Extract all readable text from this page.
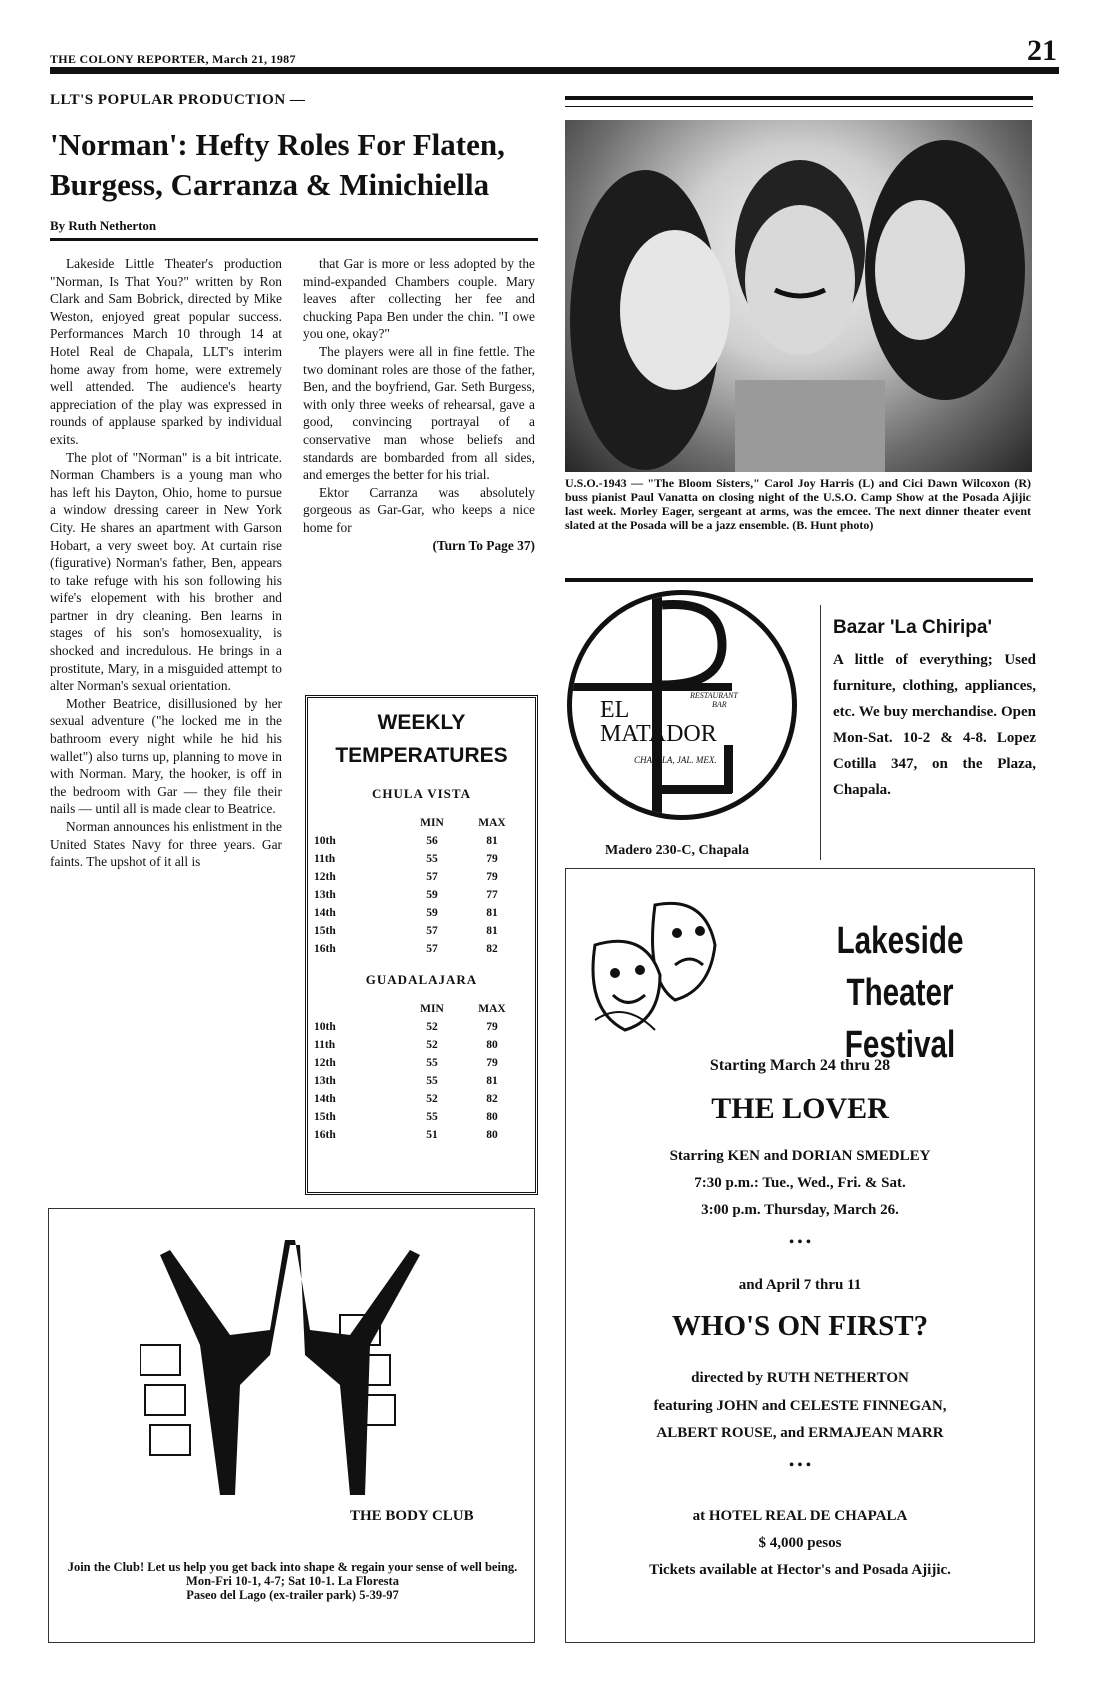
THE COLONY REPORTER, March 21, 1987	21
LLT'S POPULAR PRODUCTION —
'Norman': Hefty Roles For Flaten, Burgess, Carranza & Minichiella
By Ruth Netherton

Lakeside Little Theater's production "Norman, Is That You?" written by Ron Clark and Sam Bobrick, directed by Mike Weston, enjoyed great popular success. Performances March 10 through 14 at Hotel Real de Chapala, LLT's interim home away from home, were extremely well attended. The audience's hearty appreciation of the play was expressed in rounds of applause sparked by individual exits.

The plot of "Norman" is a bit intricate. Norman Chambers is a young man who has left his Dayton, Ohio, home to pursue a window dressing career in New York City. He shares an apartment with Garson Hobart, a very sweet boy. At curtain rise (figurative) Norman's father, Ben, appears to take refuge with his son following his wife's elopement with his brother and partner in dry cleaning. Ben learns in stages of his son's homosexuality, is shocked and incredulous. He brings in a prostitute, Mary, in a misguided attempt to alter Norman's sexual orientation.

Mother Beatrice, disillusioned by her sexual adventure ("he locked me in the bathroom every night while he hid his wallet") also turns up, planning to move in with Norman. Mary, the hooker, is off in the bedroom with Gar — they file their nails — until all is made clear to Beatrice.

Norman announces his enlistment in the United States Navy for three years. Gar faints. The upshot of it all is

that Gar is more or less adopted by the mind-expanded Chambers couple. Mary leaves after collecting her fee and chucking Papa Ben under the chin. "I owe you one, okay?"

The players were all in fine fettle. The two dominant roles are those of the father, Ben, and the boyfriend, Gar. Seth Burgess, with only three weeks of rehearsal, gave a good, convincing portrayal of a conservative man whose beliefs and standards are bombarded from all sides, and emerges the better for his trial.

Ektor Carranza was absolutely gorgeous as Gar-Gar, who keeps a nice home for

(Turn To Page 37)
U.S.O.-1943 — "The Bloom Sisters," Carol Joy Harris (L) and Cici Dawn Wilcoxon (R) buss pianist Paul Vanatta on closing night of the U.S.O. Camp Show at the Posada Ajijic last week. Morley Eager, sergeant at arms, was the emcee. The next dinner theater event slated at the Posada will be a jazz ensemble. (B. Hunt photo)
WEEKLY
TEMPERATURES
CHULA VISTA
MIN	MAX
10th	56	81
11th	55	79
12th	57	79
13th	59	77
14th	59	81
15th	57	81
16th	57	82
GUADALAJARA
MIN	MAX
10th	52	79
11th	52	80
12th	55	79
13th	55	81
14th	52	82
15th	55	80
16th	51	80
RESTAURANT
BAR
EL
MATADOR
CHAPALA, JAL. MEX.
Madero 230-C, Chapala
Bazar 'La Chiripa'

A little of everything; Used furniture, clothing, appliances, etc. We buy merchandise. Open Mon-Sat. 10-2 & 4-8. Lopez Cotilla 347, on the Plaza, Chapala.

Lakeside Theater
Festival
Starting March 24 thru 28
THE LOVER
Starring KEN and DORIAN SMEDLEY
7:30 p.m.: Tue., Wed., Fri. & Sat.
3:00 p.m. Thursday, March 26.
• • •
and April 7 thru 11
WHO'S ON FIRST?
directed by RUTH NETHERTON
featuring JOHN and CELESTE FINNEGAN,
ALBERT ROUSE, and ERMAJEAN MARR
• • •
at HOTEL REAL DE CHAPALA
$ 4,000 pesos
Tickets available at Hector's and Posada Ajijic.
THE BODY CLUB
Join the Club! Let us help you get back into shape & regain your sense of well being.
Mon-Fri 10-1, 4-7; Sat 10-1. La Floresta
Paseo del Lago (ex-trailer park) 5-39-97
